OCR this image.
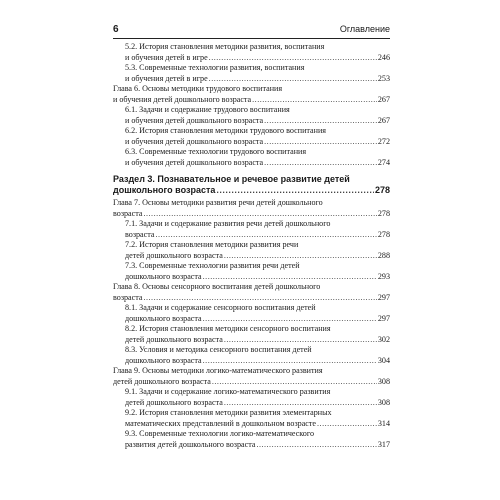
6	Оглавление
5.2. История становления методики развития, воспитания
и обучения детей в игре .....	246
5.3. Современные технологии развития, воспитания
и обучения детей в игре .....	253
Глава 6. Основы методики трудового воспитания
и обучения детей дошкольного возраста .....	267
6.1. Задачи и содержание трудового воспитания
и обучения детей дошкольного возраста .....	267
6.2. История становления методики трудового воспитания
и обучения детей дошкольного возраста .....	272
6.3. Современные технологии трудового воспитания
и обучения детей дошкольного возраста .....	274
Раздел 3. Познавательное и речевое развитие детей
дошкольного возраста .....	278
Глава 7. Основы методики развития речи детей дошкольного
возраста .....	278
7.1. Задачи и содержание развития речи детей дошкольного
возраста .....	278
7.2. История становления методики развития речи
детей дошкольного возраста .....	288
7.3. Современные технологии развития речи детей
дошкольного возраста .....	293
Глава 8. Основы сенсорного воспитания детей дошкольного
возраста .....	297
8.1. Задачи и содержание сенсорного воспитания детей
дошкольного возраста .....	297
8.2. История становления методики сенсорного воспитания
детей дошкольного возраста .....	302
8.3. Условия и методика сенсорного воспитания детей
дошкольного возраста .....	304
Глава 9. Основы методики логико-математического развития
детей дошкольного возраста .....	308
9.1. Задачи и содержание логико-математического развития
детей дошкольного возраста .....	308
9.2. История становления методики развития элементарных
математических представлений в дошкольном возрасте .....	314
9.3. Современные технологии логико-математического
развития детей дошкольного возраста .....	317
